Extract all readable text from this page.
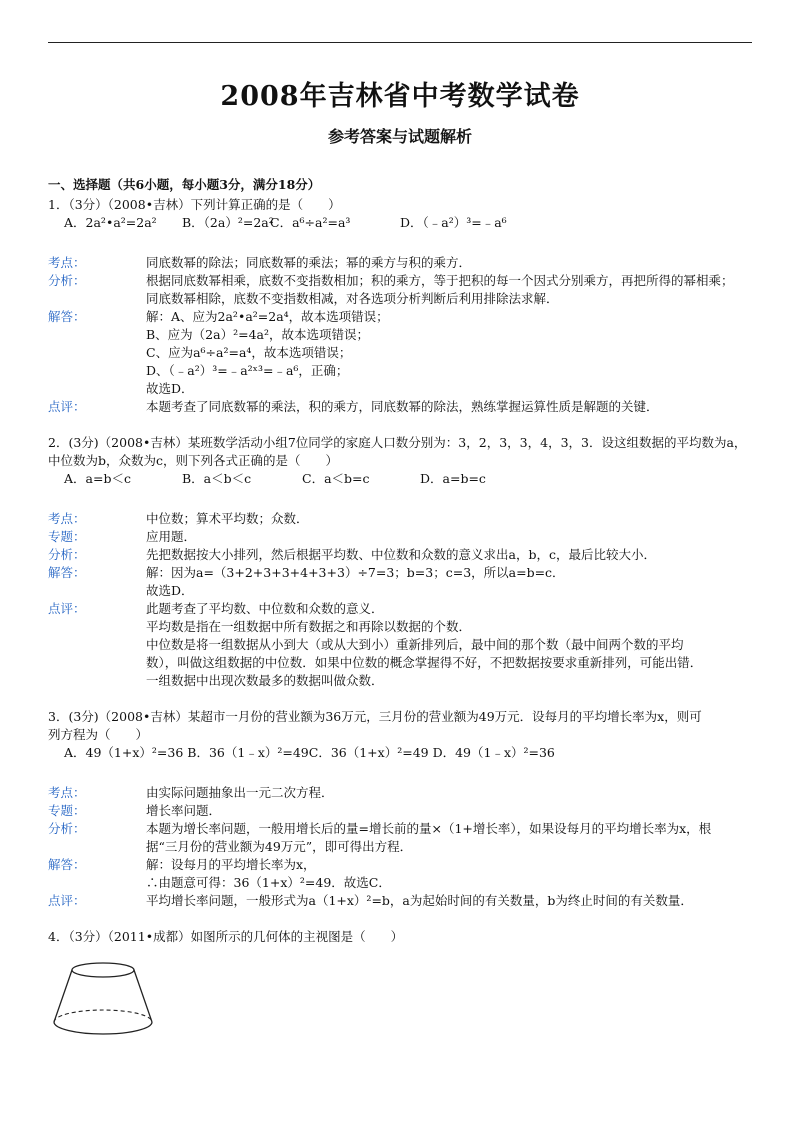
2008年吉林省中考数学试卷
参考答案与试题解析
一、选择题（共6小题，每小题3分，满分18分）
1．（3分）（2008•吉林）下列计算正确的是（　　）
A．2a²•a²=2a²	B．（2a）²=2a²
C．a⁶÷a²=a³	D．（﹣a²）³=﹣a⁶
考点：	同底数幂的除法；同底数幂的乘法；幂的乘方与积的乘方．
分析：	根据同底数幂相乘，底数不变指数相加；积的乘方，等于把积的每一个因式分别乘方，再把所得的幂相乘；
同底数幂相除，底数不变指数相减，对各选项分析判断后利用排除法求解．
解答：	解：A、应为2a²•a²=2a⁴，故本选项错误；
B、应为（2a）²=4a²，故本选项错误；
C、应为a⁶÷a²=a⁴，故本选项错误；
D、（﹣a²）³=﹣a²ˣ³=﹣a⁶，正确；
故选D．
点评：	本题考查了同底数幂的乘法，积的乘方，同底数幂的除法，熟练掌握运算性质是解题的关键．
2．(3分)（2008•吉林）某班数学活动小组7位同学的家庭人口数分别为：3，2，3，3，4，3，3．设这组数据的平均数为a，
中位数为b，众数为c，则下列各式正确的是（　　）
A．a=b＜c	B．a＜b＜c	C．a＜b=c	D．a=b=c
考点：	中位数；算术平均数；众数．
专题：	应用题．
分析：	先把数据按大小排列，然后根据平均数、中位数和众数的意义求出a，b，c，最后比较大小．
解答：	解：因为a=（3+2+3+3+4+3+3）÷7=3；b=3；c=3，所以a=b=c．
故选D．
点评：	此题考查了平均数、中位数和众数的意义．
平均数是指在一组数据中所有数据之和再除以数据的个数．
中位数是将一组数据从小到大（或从大到小）重新排列后，最中间的那个数（最中间两个数的平均
数），叫做这组数据的中位数．如果中位数的概念掌握得不好，不把数据按要求重新排列，可能出错．
一组数据中出现次数最多的数据叫做众数．
3．(3分)（2008•吉林）某超市一月份的营业额为36万元，三月份的营业额为49万元．设每月的平均增长率为x，则可
列方程为（　　）
A．49（1+x）²=36 B．36（1﹣x）²=49C．36（1+x）²=49 D．49（1﹣x）²=36
考点：	由实际问题抽象出一元二次方程．
专题：	增长率问题．
分析：	本题为增长率问题，一般用增长后的量=增长前的量×（1+增长率），如果设每月的平均增长率为x，根
据“三月份的营业额为49万元”，即可得出方程．
解答：	解：设每月的平均增长率为x，
∴由题意可得：36（1+x）²=49．故选C．
点评：	平均增长率问题，一般形式为a（1+x）²=b，a为起始时间的有关数量，b为终止时间的有关数量．
4．（3分）（2011•成都）如图所示的几何体的主视图是（　　）
